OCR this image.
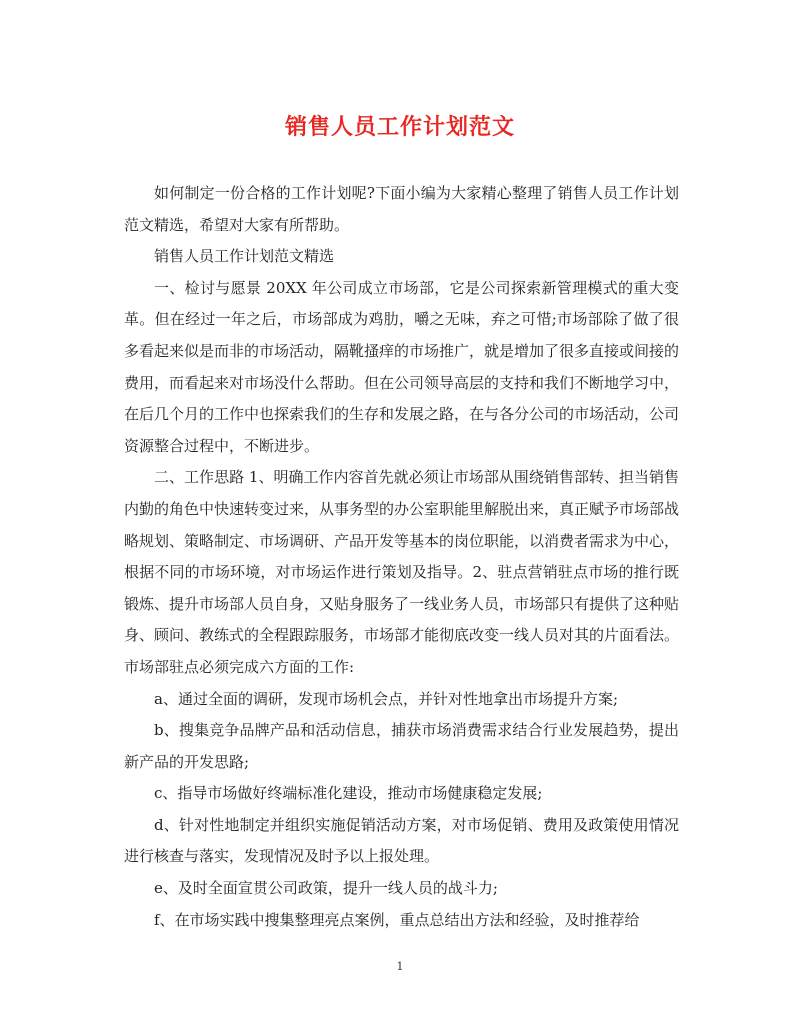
销售人员工作计划范文

如何制定一份合格的工作计划呢?下面小编为大家精心整理了销售人员工作计划范文精选，希望对大家有所帮助。

销售人员工作计划范文精选

一、检讨与愿景 20XX 年公司成立市场部，它是公司探索新管理模式的重大变革。但在经过一年之后，市场部成为鸡肋，嚼之无味，弃之可惜;市场部除了做了很多看起来似是而非的市场活动，隔靴搔痒的市场推广，就是增加了很多直接或间接的费用，而看起来对市场没什么帮助。但在公司领导高层的支持和我们不断地学习中，在后几个月的工作中也探索我们的生存和发展之路，在与各分公司的市场活动，公司资源整合过程中，不断进步。

二、工作思路 1、明确工作内容首先就必须让市场部从围绕销售部转、担当销售内勤的角色中快速转变过来，从事务型的办公室职能里解脱出来，真正赋予市场部战略规划、策略制定、市场调研、产品开发等基本的岗位职能，以消费者需求为中心，根据不同的市场环境，对市场运作进行策划及指导。2、驻点营销驻点市场的推行既锻炼、提升市场部人员自身，又贴身服务了一线业务人员，市场部只有提供了这种贴身、顾问、教练式的全程跟踪服务，市场部才能彻底改变一线人员对其的片面看法。市场部驻点必须完成六方面的工作:

a、通过全面的调研，发现市场机会点，并针对性地拿出市场提升方案;

b、搜集竞争品牌产品和活动信息，捕获市场消费需求结合行业发展趋势，提出新产品的开发思路;

c、指导市场做好终端标准化建设，推动市场健康稳定发展;

d、针对性地制定并组织实施促销活动方案，对市场促销、费用及政策使用情况进行核查与落实，发现情况及时予以上报处理。

e、及时全面宣贯公司政策，提升一线人员的战斗力;

f、在市场实践中搜集整理亮点案例，重点总结出方法和经验，及时推荐给

1
